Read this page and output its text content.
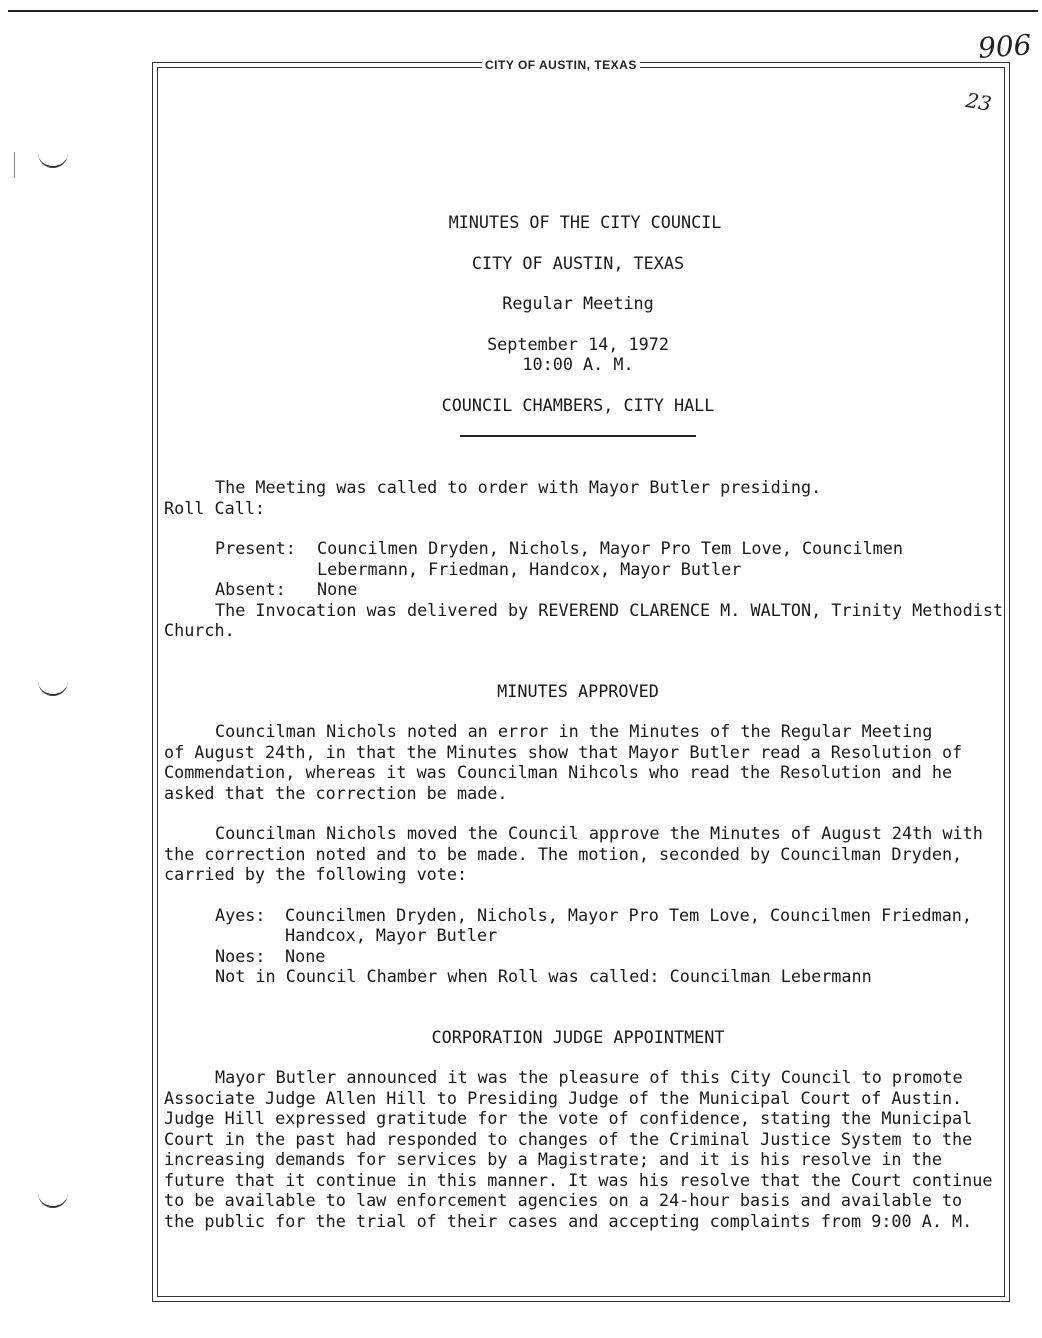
906
23
CITY OF AUSTIN, TEXAS
MINUTES OF THE CITY COUNCIL
CITY OF AUSTIN, TEXAS
Regular Meeting
September 14, 1972
10:00 A. M.
COUNCIL CHAMBERS, CITY HALL
The Meeting was called to order with Mayor Butler presiding.
Roll Call:
Present:	Councilmen Dryden, Nichols, Mayor Pro Tem Love, Councilmen
Lebermann, Friedman, Handcox, Mayor Butler
Absent:	None
The Invocation was delivered by REVEREND CLARENCE M. WALTON, Trinity Methodist
Church.
MINUTES APPROVED
Councilman Nichols noted an error in the Minutes of the Regular Meeting
of August 24th, in that the Minutes show that Mayor Butler read a Resolution of
Commendation, whereas it was Councilman Nihcols who read the Resolution and he
asked that the correction be made.
Councilman Nichols moved the Council approve the Minutes of August 24th with
the correction noted and to be made. The motion, seconded by Councilman Dryden,
carried by the following vote:
Ayes:	Councilmen Dryden, Nichols, Mayor Pro Tem Love, Councilmen Friedman,
Handcox, Mayor Butler
Noes:	None
Not in Council Chamber when Roll was called: Councilman Lebermann
CORPORATION JUDGE APPOINTMENT
Mayor Butler announced it was the pleasure of this City Council to promote
Associate Judge Allen Hill to Presiding Judge of the Municipal Court of Austin.
Judge Hill expressed gratitude for the vote of confidence, stating the Municipal
Court in the past had responded to changes of the Criminal Justice System to the
increasing demands for services by a Magistrate; and it is his resolve in the
future that it continue in this manner. It was his resolve that the Court continue
to be available to law enforcement agencies on a 24-hour basis and available to
the public for the trial of their cases and accepting complaints from 9:00 A. M.
